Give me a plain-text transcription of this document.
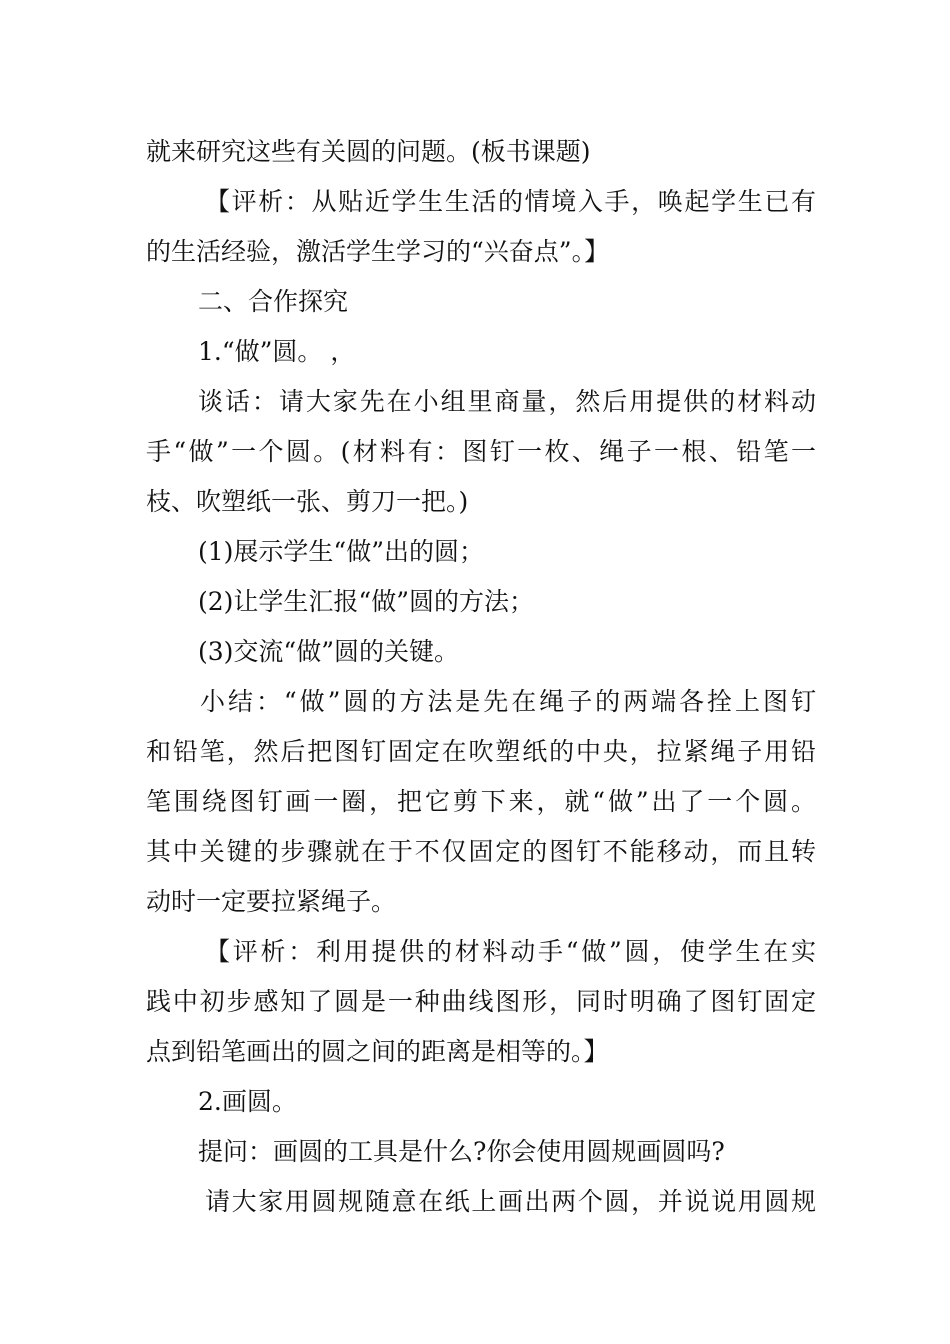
就来研究这些有关圆的问题。(板书课题)
【评析：从贴近学生生活的情境入手，唤起学生已有
的生活经验，激活学生学习的“兴奋点”。】
二、合作探究
1.“做”圆。 ，
谈话：请大家先在小组里商量，然后用提供的材料动
手“做”一个圆。(材料有：图钉一枚、绳子一根、铅笔一
枝、吹塑纸一张、剪刀一把。)
(1)展示学生“做”出的圆；
(2)让学生汇报“做”圆的方法；
(3)交流“做”圆的关键。
小结：“做”圆的方法是先在绳子的两端各拴上图钉
和铅笔，然后把图钉固定在吹塑纸的中央，拉紧绳子用铅
笔围绕图钉画一圈，把它剪下来，就“做”出了一个圆。
其中关键的步骤就在于不仅固定的图钉不能移动，而且转
动时一定要拉紧绳子。
【评析：利用提供的材料动手“做”圆，使学生在实
践中初步感知了圆是一种曲线图形，同时明确了图钉固定
点到铅笔画出的圆之间的距离是相等的。】
2.画圆。
提问：画圆的工具是什么?你会使用圆规画圆吗?
请大家用圆规随意在纸上画出两个圆，并说说用圆规
